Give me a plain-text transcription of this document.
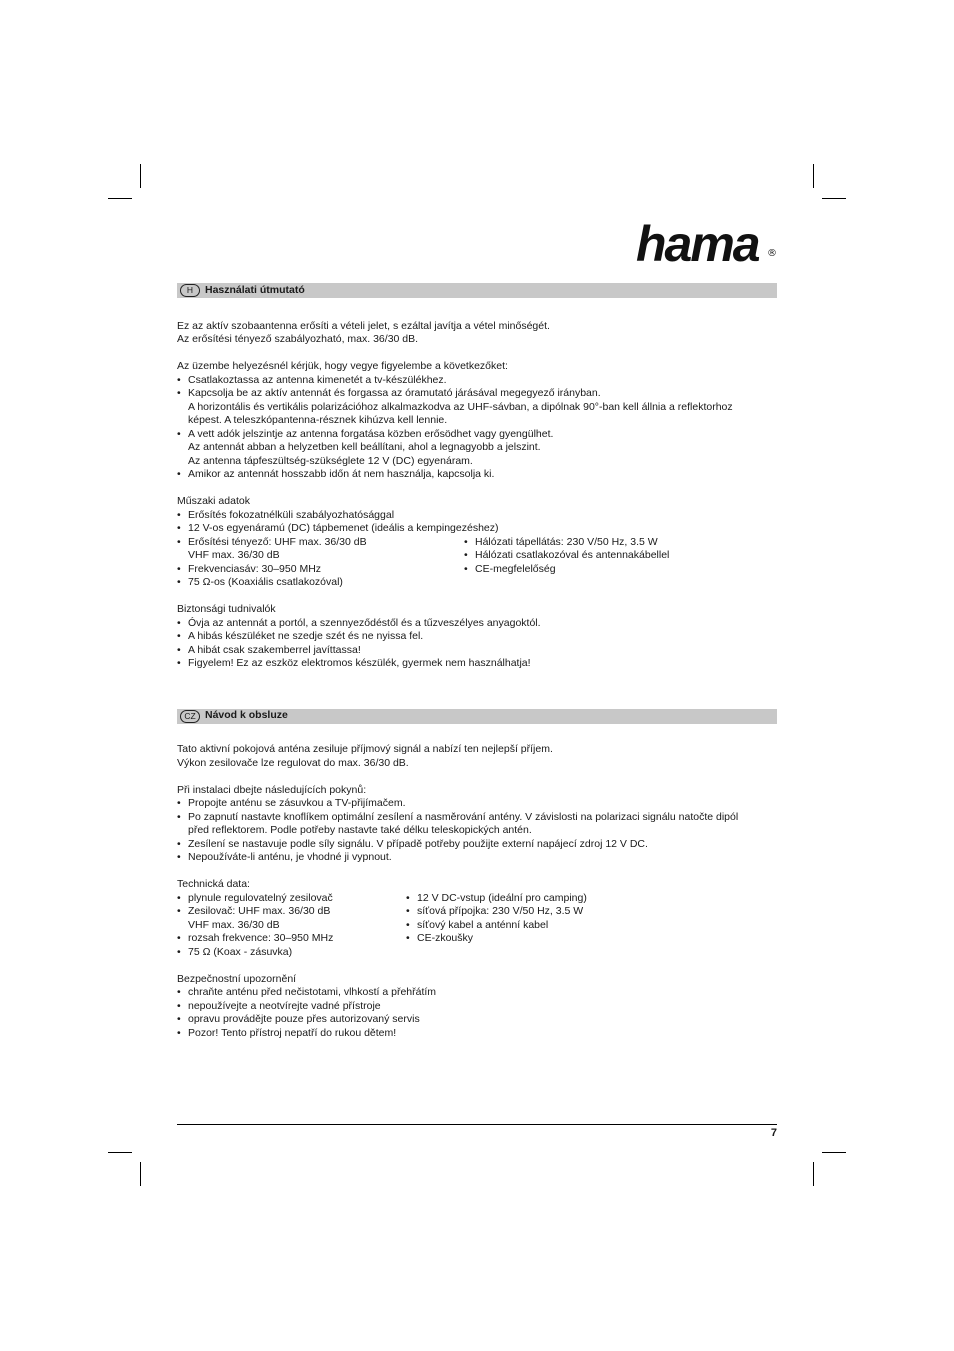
hama ®
H	Használati útmutató

Ez az aktív szobaantenna erősíti a vételi jelet, s ezáltal javítja a vétel minőségét.

Az erősítési tényező szabályozható, max. 36/30 dB.

Az üzembe helyezésnél kérjük, hogy vegye figyelembe a következőket:

• Csatlakoztassa az antenna kimenetét a tv-készülékhez.
• Kapcsolja be az aktív antennát és forgassa az óramutató járásával megegyező irányban.
A horizontális és vertikális polarizációhoz alkalmazkodva az UHF-sávban, a dipólnak 90°-ban kell állnia a reflektorhoz
képest. A teleszkópantenna-résznek kihúzva kell lennie.
• A vett adók jelszintje az antenna forgatása közben erősödhet vagy gyengülhet.
Az antennát abban a helyzetben kell beállítani, ahol a legnagyobb a jelszint.
Az antenna tápfeszültség-szükséglete 12 V (DC) egyenáram.
• Amikor az antennát hosszabb időn át nem használja, kapcsolja ki.

Műszaki adatok

• Erősítés fokozatnélküli szabályozhatósággal
• 12 V-os egyenáramú (DC) tápbemenet (ideális a kempingezéshez)
• Erősítési tényező: UHF max. 36/30 dB
VHF max. 36/30 dB
• Frekvenciasáv: 30–950 MHz
• 75 Ω-os (Koaxiális csatlakozóval)
• Hálózati tápellátás: 230 V/50 Hz, 3.5 W
• Hálózati csatlakozóval és antennakábellel
• CE-megfelelőség

Biztonsági tudnivalók

• Óvja az antennát a portól, a szennyeződéstől és a tűzveszélyes anyagoktól.
• A hibás készüléket ne szedje szét és ne nyissa fel.
• A hibát csak szakemberrel javíttassa!
• Figyelem! Ez az eszköz elektromos készülék, gyermek nem használhatja!
CZ Návod k obsluze

Tato aktivní pokojová anténa zesiluje příjmový signál a nabízí ten nejlepší příjem.

Výkon zesilovače lze regulovat do max. 36/30 dB.

Při instalaci dbejte následujících pokynů:

• Propojte anténu se zásuvkou a TV-přijímačem.
• Po zapnutí nastavte knoflíkem optimální zesílení a nasměrování antény. V závislosti na polarizaci signálu natočte dipól
před reflektorem. Podle potřeby nastavte také délku teleskopických antén.
• Zesílení se nastavuje podle síly signálu. V případě potřeby použijte externí napájecí zdroj 12 V DC.
• Nepoužíváte-li anténu, je vhodné ji vypnout.

Technická data:

• plynule regulovatelný zesilovač
• Zesilovač: UHF max. 36/30 dB
VHF max. 36/30 dB
• rozsah frekvence: 30–950 MHz
• 75 Ω (Koax - zásuvka)
• 12 V DC-vstup (ideální pro camping)
• síťová přípojka: 230 V/50 Hz, 3.5 W
• síťový kabel a anténní kabel
• CE-zkoušky

Bezpečnostní upozornění

• chraňte anténu před nečistotami, vlhkostí a přehřátím
• nepoužívejte a neotvírejte vadné přístroje
• opravu provádějte pouze přes autorizovaný servis
• Pozor! Tento přístroj nepatří do rukou dětem!
7
